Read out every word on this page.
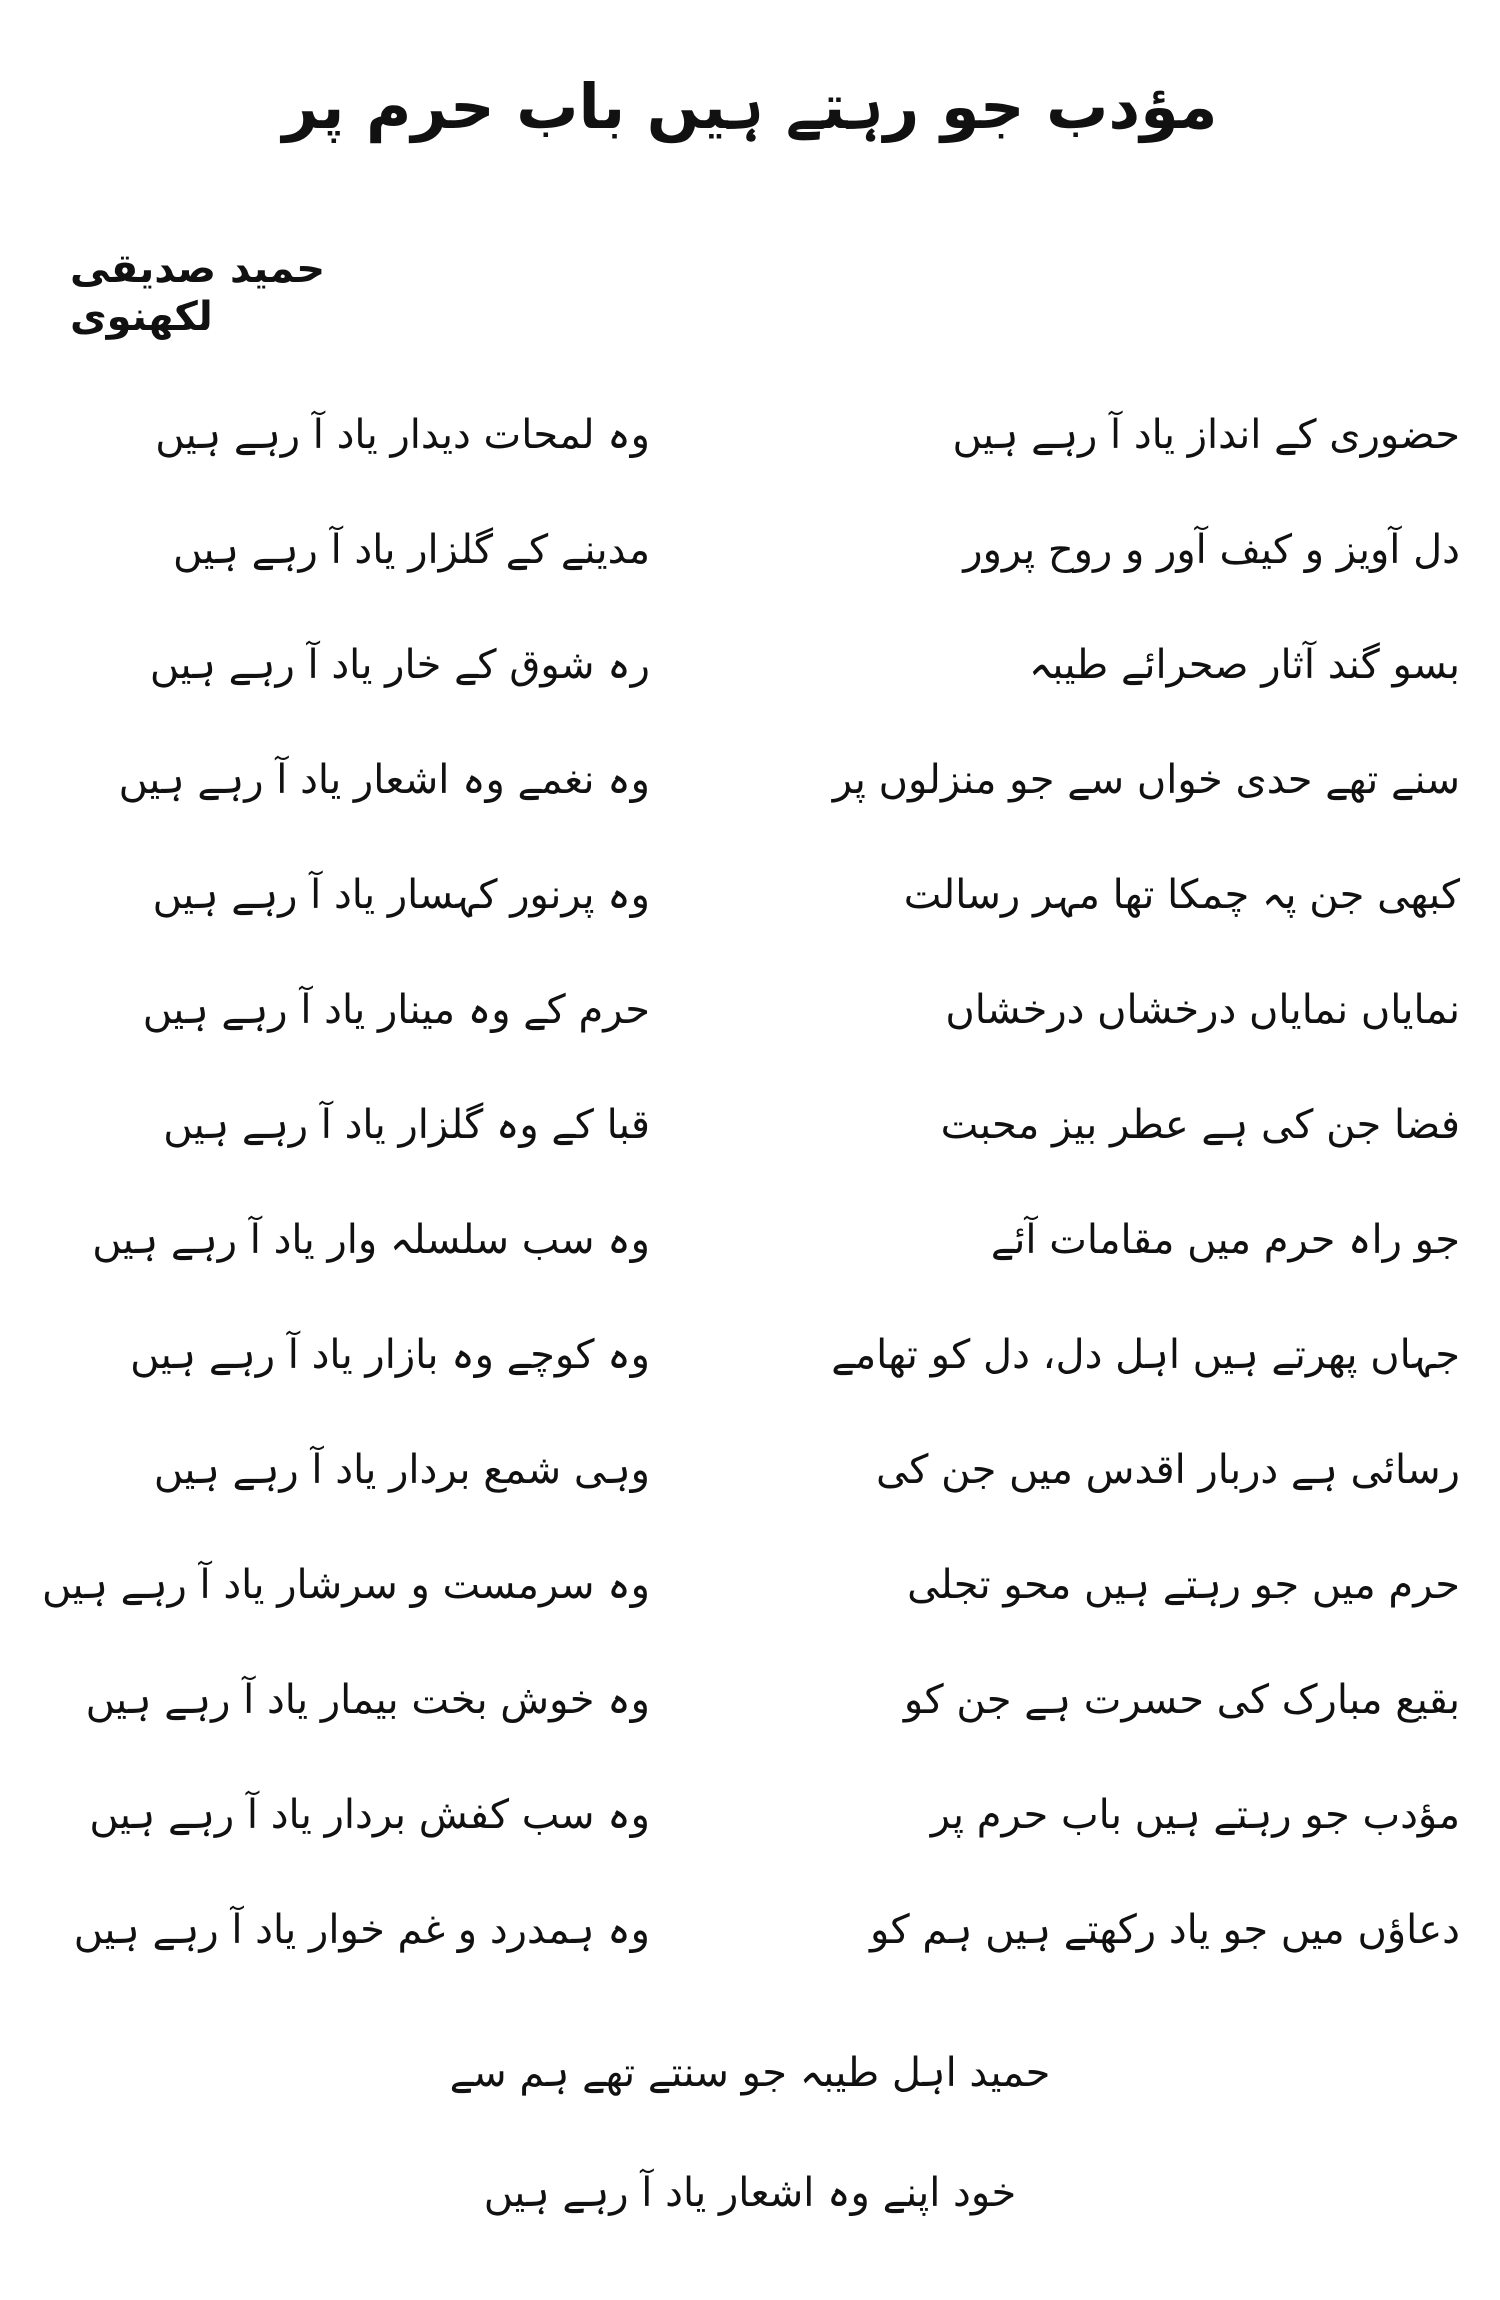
مؤدب جو رہتے ہیں باب حرم پر
حمید صدیقی لکھنوی
حضوری کے انداز یاد آ رہے ہیں
وہ لمحات دیدار یاد آ رہے ہیں
دل آویز و کیف آور و روح پرور
مدینے کے گلزار یاد آ رہے ہیں
بسو گند آثار صحرائے طیبہ
رہ شوق کے خار یاد آ رہے ہیں
سنے تھے حدی خواں سے جو منزلوں پر
وہ نغمے وہ اشعار یاد آ رہے ہیں
کبھی جن پہ چمکا تھا مہر رسالت
وہ پرنور کہسار یاد آ رہے ہیں
نمایاں نمایاں درخشاں درخشاں
حرم کے وہ مینار یاد آ رہے ہیں
فضا جن کی ہے عطر بیز محبت
قبا کے وہ گلزار یاد آ رہے ہیں
جو راہ حرم میں مقامات آئے
وہ سب سلسلہ وار یاد آ رہے ہیں
جہاں پھرتے ہیں اہل دل، دل کو تھامے
وہ کوچے وہ بازار یاد آ رہے ہیں
رسائی ہے دربار اقدس میں جن کی
وہی شمع بردار یاد آ رہے ہیں
حرم میں جو رہتے ہیں محو تجلی
وہ سرمست و سرشار یاد آ رہے ہیں
بقیع مبارک کی حسرت ہے جن کو
وہ خوش بخت بیمار یاد آ رہے ہیں
مؤدب جو رہتے ہیں باب حرم پر
وہ سب کفش بردار یاد آ رہے ہیں
دعاؤں میں جو یاد رکھتے ہیں ہم کو
وہ ہمدرد و غم خوار یاد آ رہے ہیں
حمید اہل طیبہ جو سنتے تھے ہم سے
خود اپنے وہ اشعار یاد آ رہے ہیں
